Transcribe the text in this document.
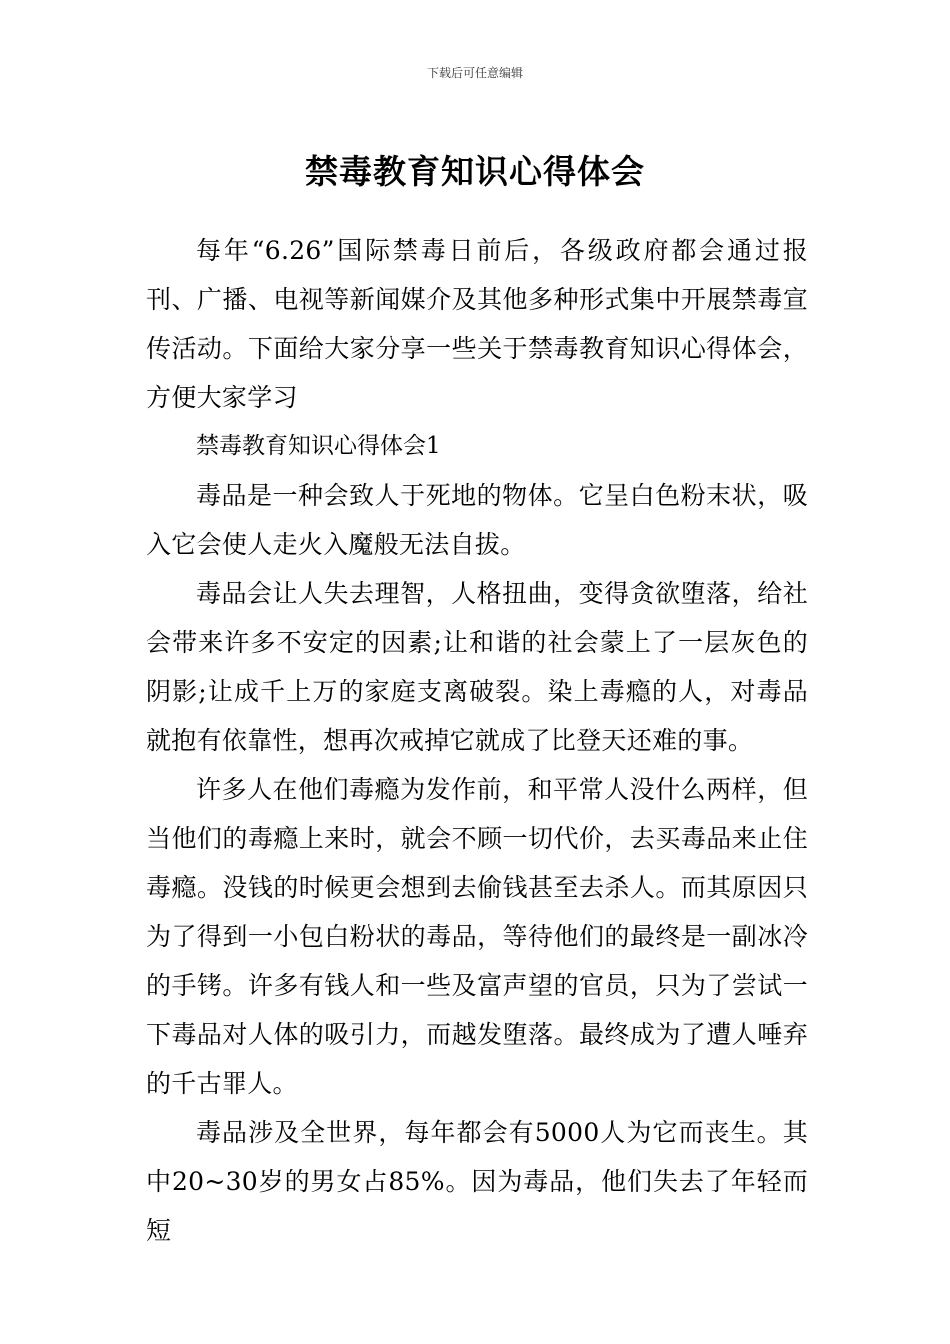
下载后可任意编辑
禁毒教育知识心得体会

每年“6.26”国际禁毒日前后，各级政府都会通过报刊、广播、电视等新闻媒介及其他多种形式集中开展禁毒宣传活动。下面给大家分享一些关于禁毒教育知识心得体会，方便大家学习

禁毒教育知识心得体会1

毒品是一种会致人于死地的物体。它呈白色粉末状，吸入它会使人走火入魔般无法自拔。

毒品会让人失去理智，人格扭曲，变得贪欲堕落，给社会带来许多不安定的因素;让和谐的社会蒙上了一层灰色的阴影;让成千上万的家庭支离破裂。染上毒瘾的人，对毒品就抱有依靠性，想再次戒掉它就成了比登天还难的事。

许多人在他们毒瘾为发作前，和平常人没什么两样，但当他们的毒瘾上来时，就会不顾一切代价，去买毒品来止住毒瘾。没钱的时候更会想到去偷钱甚至去杀人。而其原因只为了得到一小包白粉状的毒品，等待他们的最终是一副冰冷的手铐。许多有钱人和一些及富声望的官员，只为了尝试一下毒品对人体的吸引力，而越发堕落。最终成为了遭人唾弃的千古罪人。

毒品涉及全世界，每年都会有5000人为它而丧生。其中20~30岁的男女占85%。因为毒品，他们失去了年轻而短
